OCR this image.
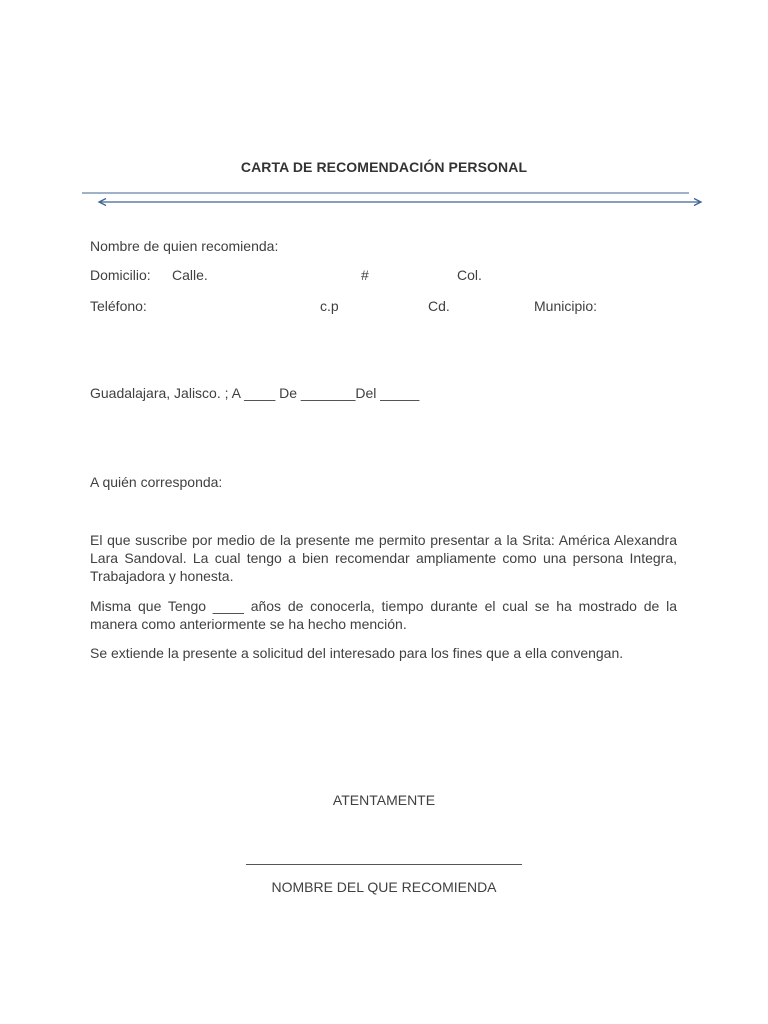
CARTA DE RECOMENDACIÓN PERSONAL
Nombre de quien recomienda:
Domicilio: Calle.	#	Col.
Teléfono:	c.p	Cd.	Municipio:
Guadalajara, Jalisco. ; A ____ De _______Del _____
A quién corresponda:
El que suscribe por medio de la presente me permito presentar a la Srita: América Alexandra Lara Sandoval. La cual tengo a bien recomendar ampliamente como una persona Integra, Trabajadora y honesta.
Misma que Tengo ____ años de conocerla, tiempo durante el cual se ha mostrado de la manera como anteriormente se ha hecho mención.
Se extiende la presente a solicitud del interesado para los fines que a ella convengan.
ATENTAMENTE
NOMBRE DEL QUE RECOMIENDA
